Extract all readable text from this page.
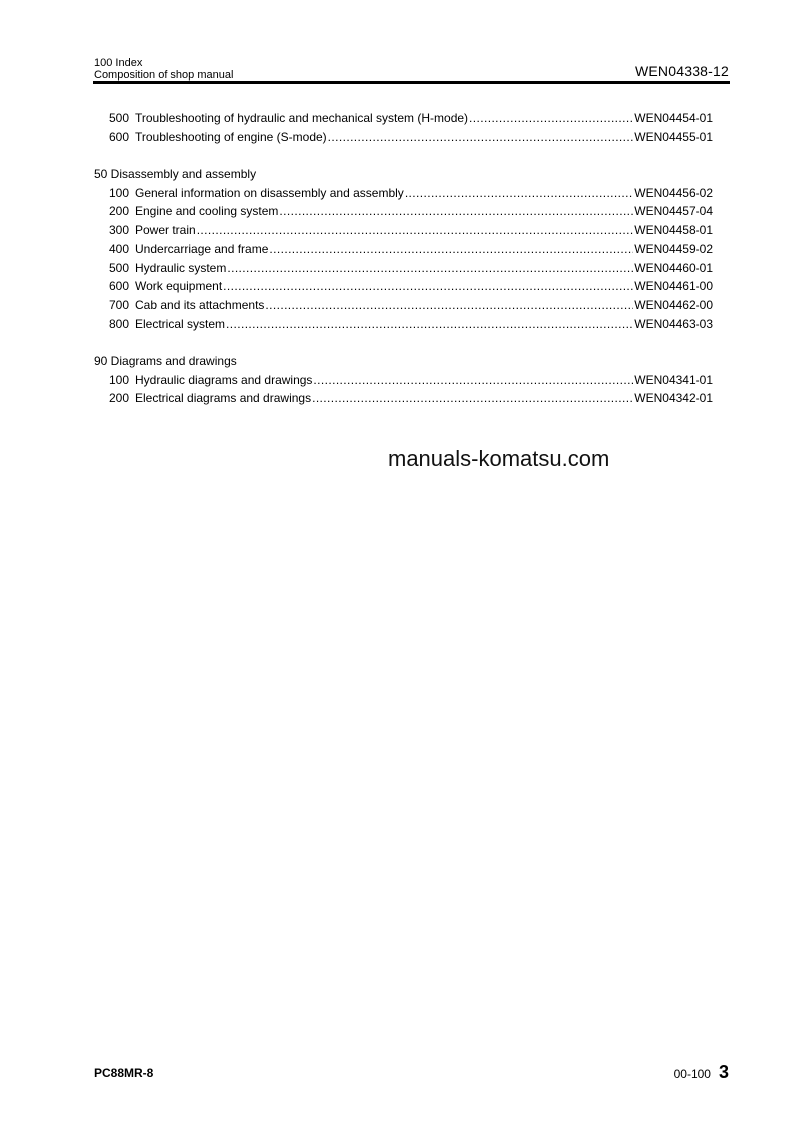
100 Index
Composition of shop manual	WEN04338-12
500 Troubleshooting of hydraulic and mechanical system (H-mode) .....	WEN04454-01
600 Troubleshooting of engine (S-mode) .....	WEN04455-01
50 Disassembly and assembly
100 General information on disassembly and assembly .....	WEN04456-02
200 Engine and cooling system .....	WEN04457-04
300 Power train .....	WEN04458-01
400 Undercarriage and frame .....	WEN04459-02
500 Hydraulic system .....	WEN04460-01
600 Work equipment .....	WEN04461-00
700 Cab and its attachments .....	WEN04462-00
800 Electrical system .....	WEN04463-03
90 Diagrams and drawings
100 Hydraulic diagrams and drawings .....	WEN04341-01
200 Electrical diagrams and drawings .....	WEN04342-01
manuals-komatsu.com
PC88MR-8	00-100 3
